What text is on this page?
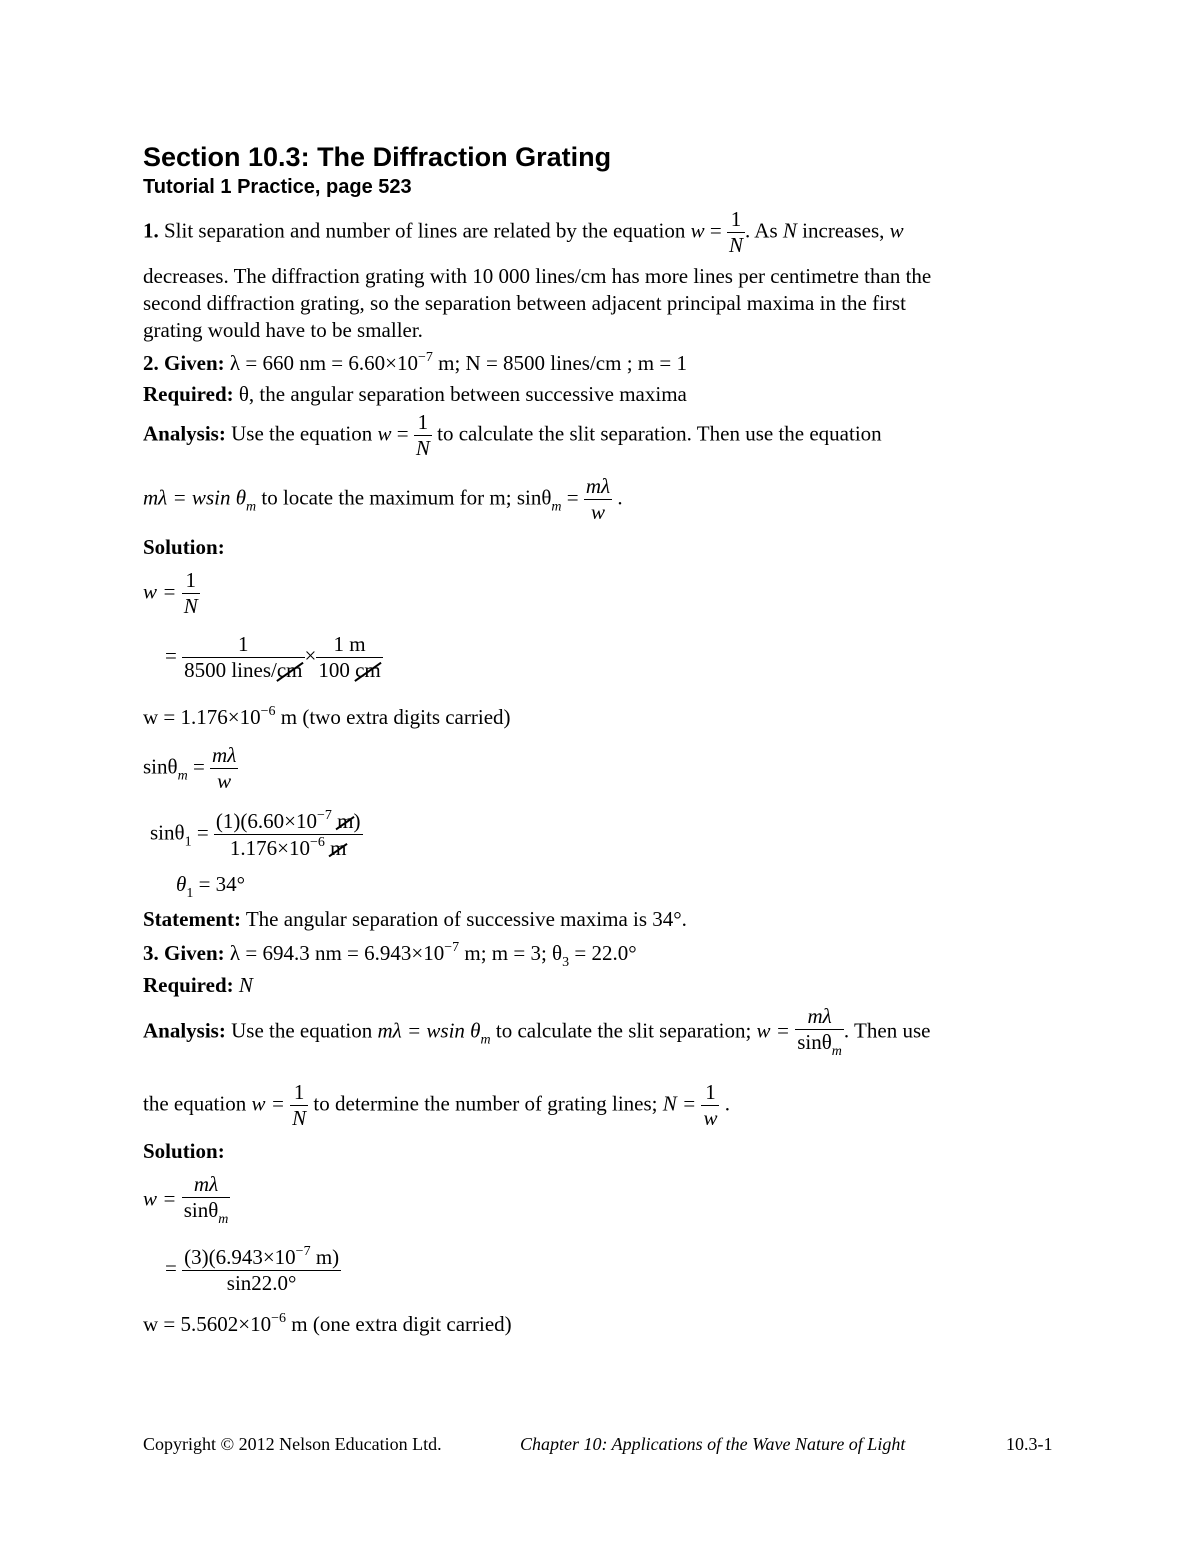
Section 10.3: The Diffraction Grating
Tutorial 1 Practice, page 523
1. Slit separation and number of lines are related by the equation $w = \frac{1}{N}$ . As N increases, w
decreases. The diffraction grating with 10 000 lines/cm has more lines per centimetre than the
second diffraction grating, so the separation between adjacent principal maxima in the first
grating would have to be smaller.
2. Given: λ = 660 nm = $6.60\times 10^{-7}$ m; N = 8500 lines/cm ; m = 1
Required: θ, the angular separation between successive maxima
Analysis: Use the equation $w = \frac{1}{N}$ to calculate the slit separation. Then use the equation
mλ = wsin $\theta_m$ to locate the maximum for m; $\sin\theta_m = \frac{m\lambda}{w}$ .
Solution:
$w = \frac{1}{N}$
= $\frac{1}{\text{8500 lines/cm}} \times \frac{1 m}{100 cm}$
$w = 1.176\times 10^{-6}$ m (two extra digits carried)
$\sin\theta_m = \frac{m\lambda}{w}$
$\sin\theta_1 = \frac{(1)(6.60\times 10^{-7} m)}{1.176\times 10^{-6} m}$
$\theta_1 = 34^\circ$
Statement: The angular separation of successive maxima is 34°.
3. Given: λ = 694.3 nm = $6.943\times 10^{-7}$ m; m = 3; $\theta_3 = 22.0^\circ$
Required: N
Analysis: Use the equation mλ = wsin $\theta_m$ to calculate the slit separation; $w = \frac{m\lambda}{\sin\theta_m}$ . Then use
the equation $w = \frac{1}{N}$ to determine the number of grating lines; $N = \frac{1}{w}$ .
Solution:
$w = \frac{m\lambda}{\sin\theta_m}$
= $\frac{(3)(6.943\times 10^{-7} m)}{\sin 22.0^\circ}$
$w = 5.5602\times 10^{-6}$ m (one extra digit carried)
Copyright © 2012 Nelson Education Ltd.	Chapter 10: Applications of the Wave Nature of Light	10.3-1
